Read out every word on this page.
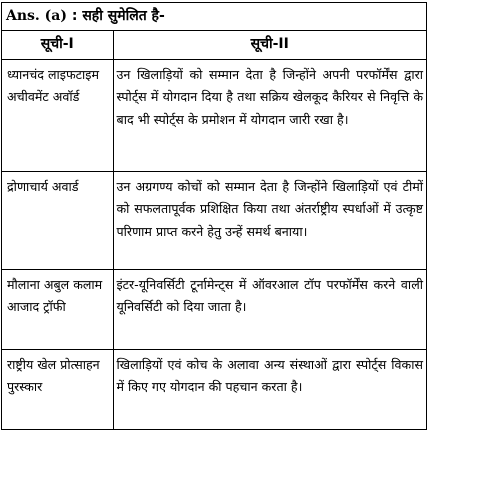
Ans. (a) : सही सुमेलित है-
सूची-I	सूची-II
ध्यानचंद लाइफटाइम अचीवमेंट अवॉर्ड	उन खिलाड़ियों को सम्मान देता है जिन्होंने अपनी परफॉर्मेंस द्वारा स्पोर्ट्स में योगदान दिया है तथा सक्रिय खेलकूद कैरियर से निवृत्ति के बाद भी स्पोर्ट्स के प्रमोशन में योगदान जारी रखा है।
द्रोणाचार्य अवार्ड	उन अग्रगण्य कोचों को सम्मान देता है जिन्होंने खिलाड़ियों एवं टीमों को सफलतापूर्वक प्रशिक्षित किया तथा अंतर्राष्ट्रीय स्पर्धाओं में उत्कृष्ट परिणाम प्राप्त करने हेतु उन्हें समर्थ बनाया।
मौलाना अबुल कलाम आजाद ट्रॉफी	इंटर-यूनिवर्सिटी टूर्नामेन्ट्स में ऑवरआल टॉप परफॉर्मेंस करने वाली यूनिवर्सिटी को दिया जाता है।
राष्ट्रीय खेल प्रोत्साहन पुरस्कार	खिलाड़ियों एवं कोच के अलावा अन्य संस्थाओं द्वारा स्पोर्ट्स विकास में किए गए योगदान की पहचान करता है।
